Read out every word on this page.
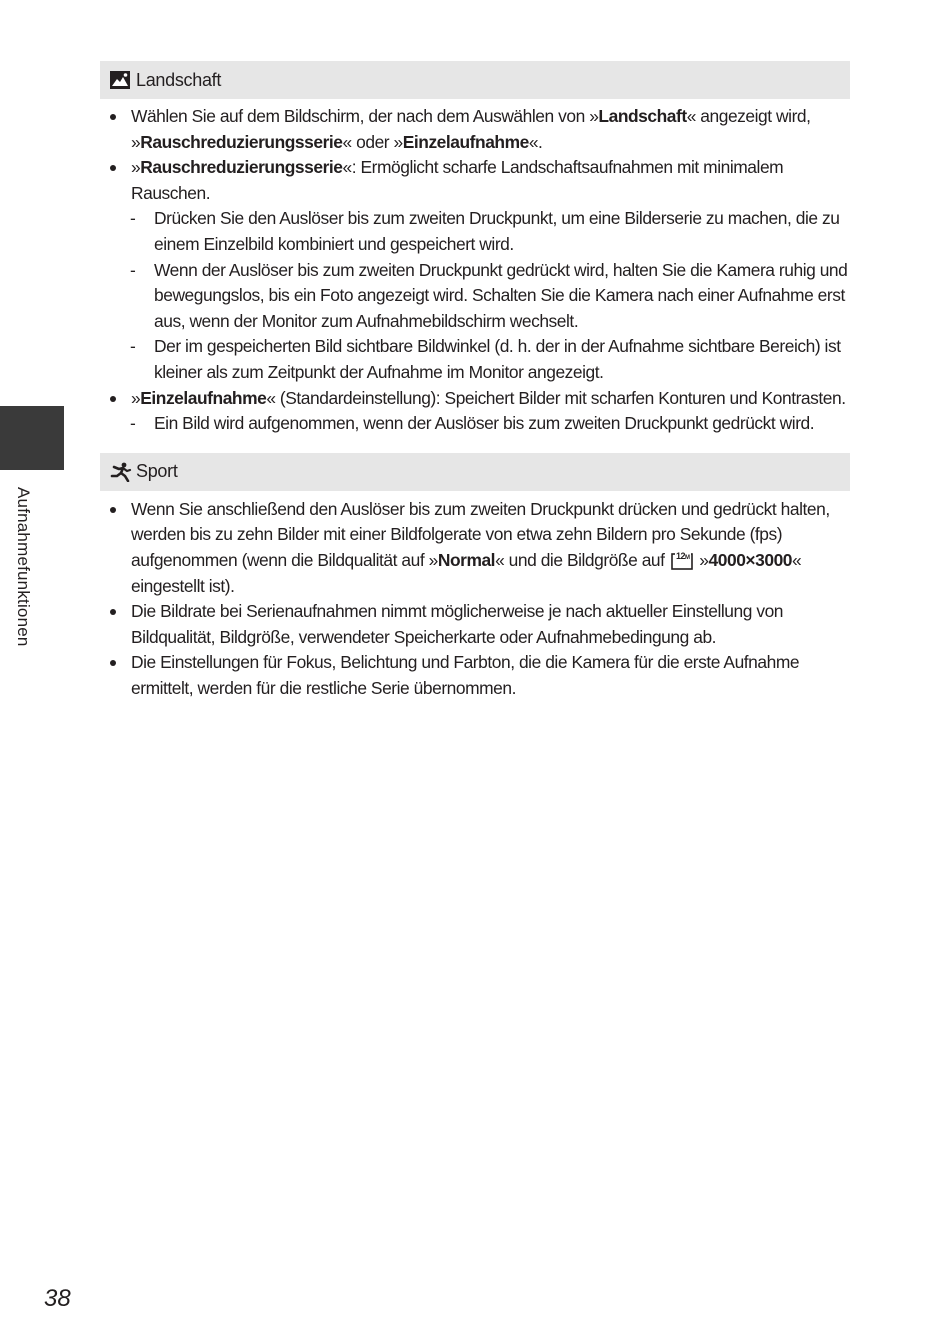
Aufnahmefunktionen
Landschaft
Wählen Sie auf dem Bildschirm, der nach dem Auswählen von »Landschaft« angezeigt wird, »Rauschreduzierungsserie« oder »Einzelaufnahme«.
»Rauschreduzierungsserie«: Ermöglicht scharfe Landschaftsaufnahmen mit minimalem Rauschen.
- Drücken Sie den Auslöser bis zum zweiten Druckpunkt, um eine Bilderserie zu machen, die zu einem Einzelbild kombiniert und gespeichert wird.
- Wenn der Auslöser bis zum zweiten Druckpunkt gedrückt wird, halten Sie die Kamera ruhig und bewegungslos, bis ein Foto angezeigt wird. Schalten Sie die Kamera nach einer Aufnahme erst aus, wenn der Monitor zum Aufnahmebildschirm wechselt.
- Der im gespeicherten Bild sichtbare Bildwinkel (d. h. der in der Aufnahme sichtbare Bereich) ist kleiner als zum Zeitpunkt der Aufnahme im Monitor angezeigt.
»Einzelaufnahme« (Standardeinstellung): Speichert Bilder mit scharfen Konturen und Kontrasten.
- Ein Bild wird aufgenommen, wenn der Auslöser bis zum zweiten Druckpunkt gedrückt wird.
Sport
Wenn Sie anschließend den Auslöser bis zum zweiten Druckpunkt drücken und gedrückt halten, werden bis zu zehn Bilder mit einer Bildfolgerate von etwa zehn Bildern pro Sekunde (fps) aufgenommen (wenn die Bildqualität auf »Normal« und die Bildgröße auf 12 M »4000×3000« eingestellt ist).
Die Bildrate bei Serienaufnahmen nimmt möglicherweise je nach aktueller Einstellung von Bildqualität, Bildgröße, verwendeter Speicherkarte oder Aufnahmebedingung ab.
Die Einstellungen für Fokus, Belichtung und Farbton, die die Kamera für die erste Aufnahme ermittelt, werden für die restliche Serie übernommen.
38
